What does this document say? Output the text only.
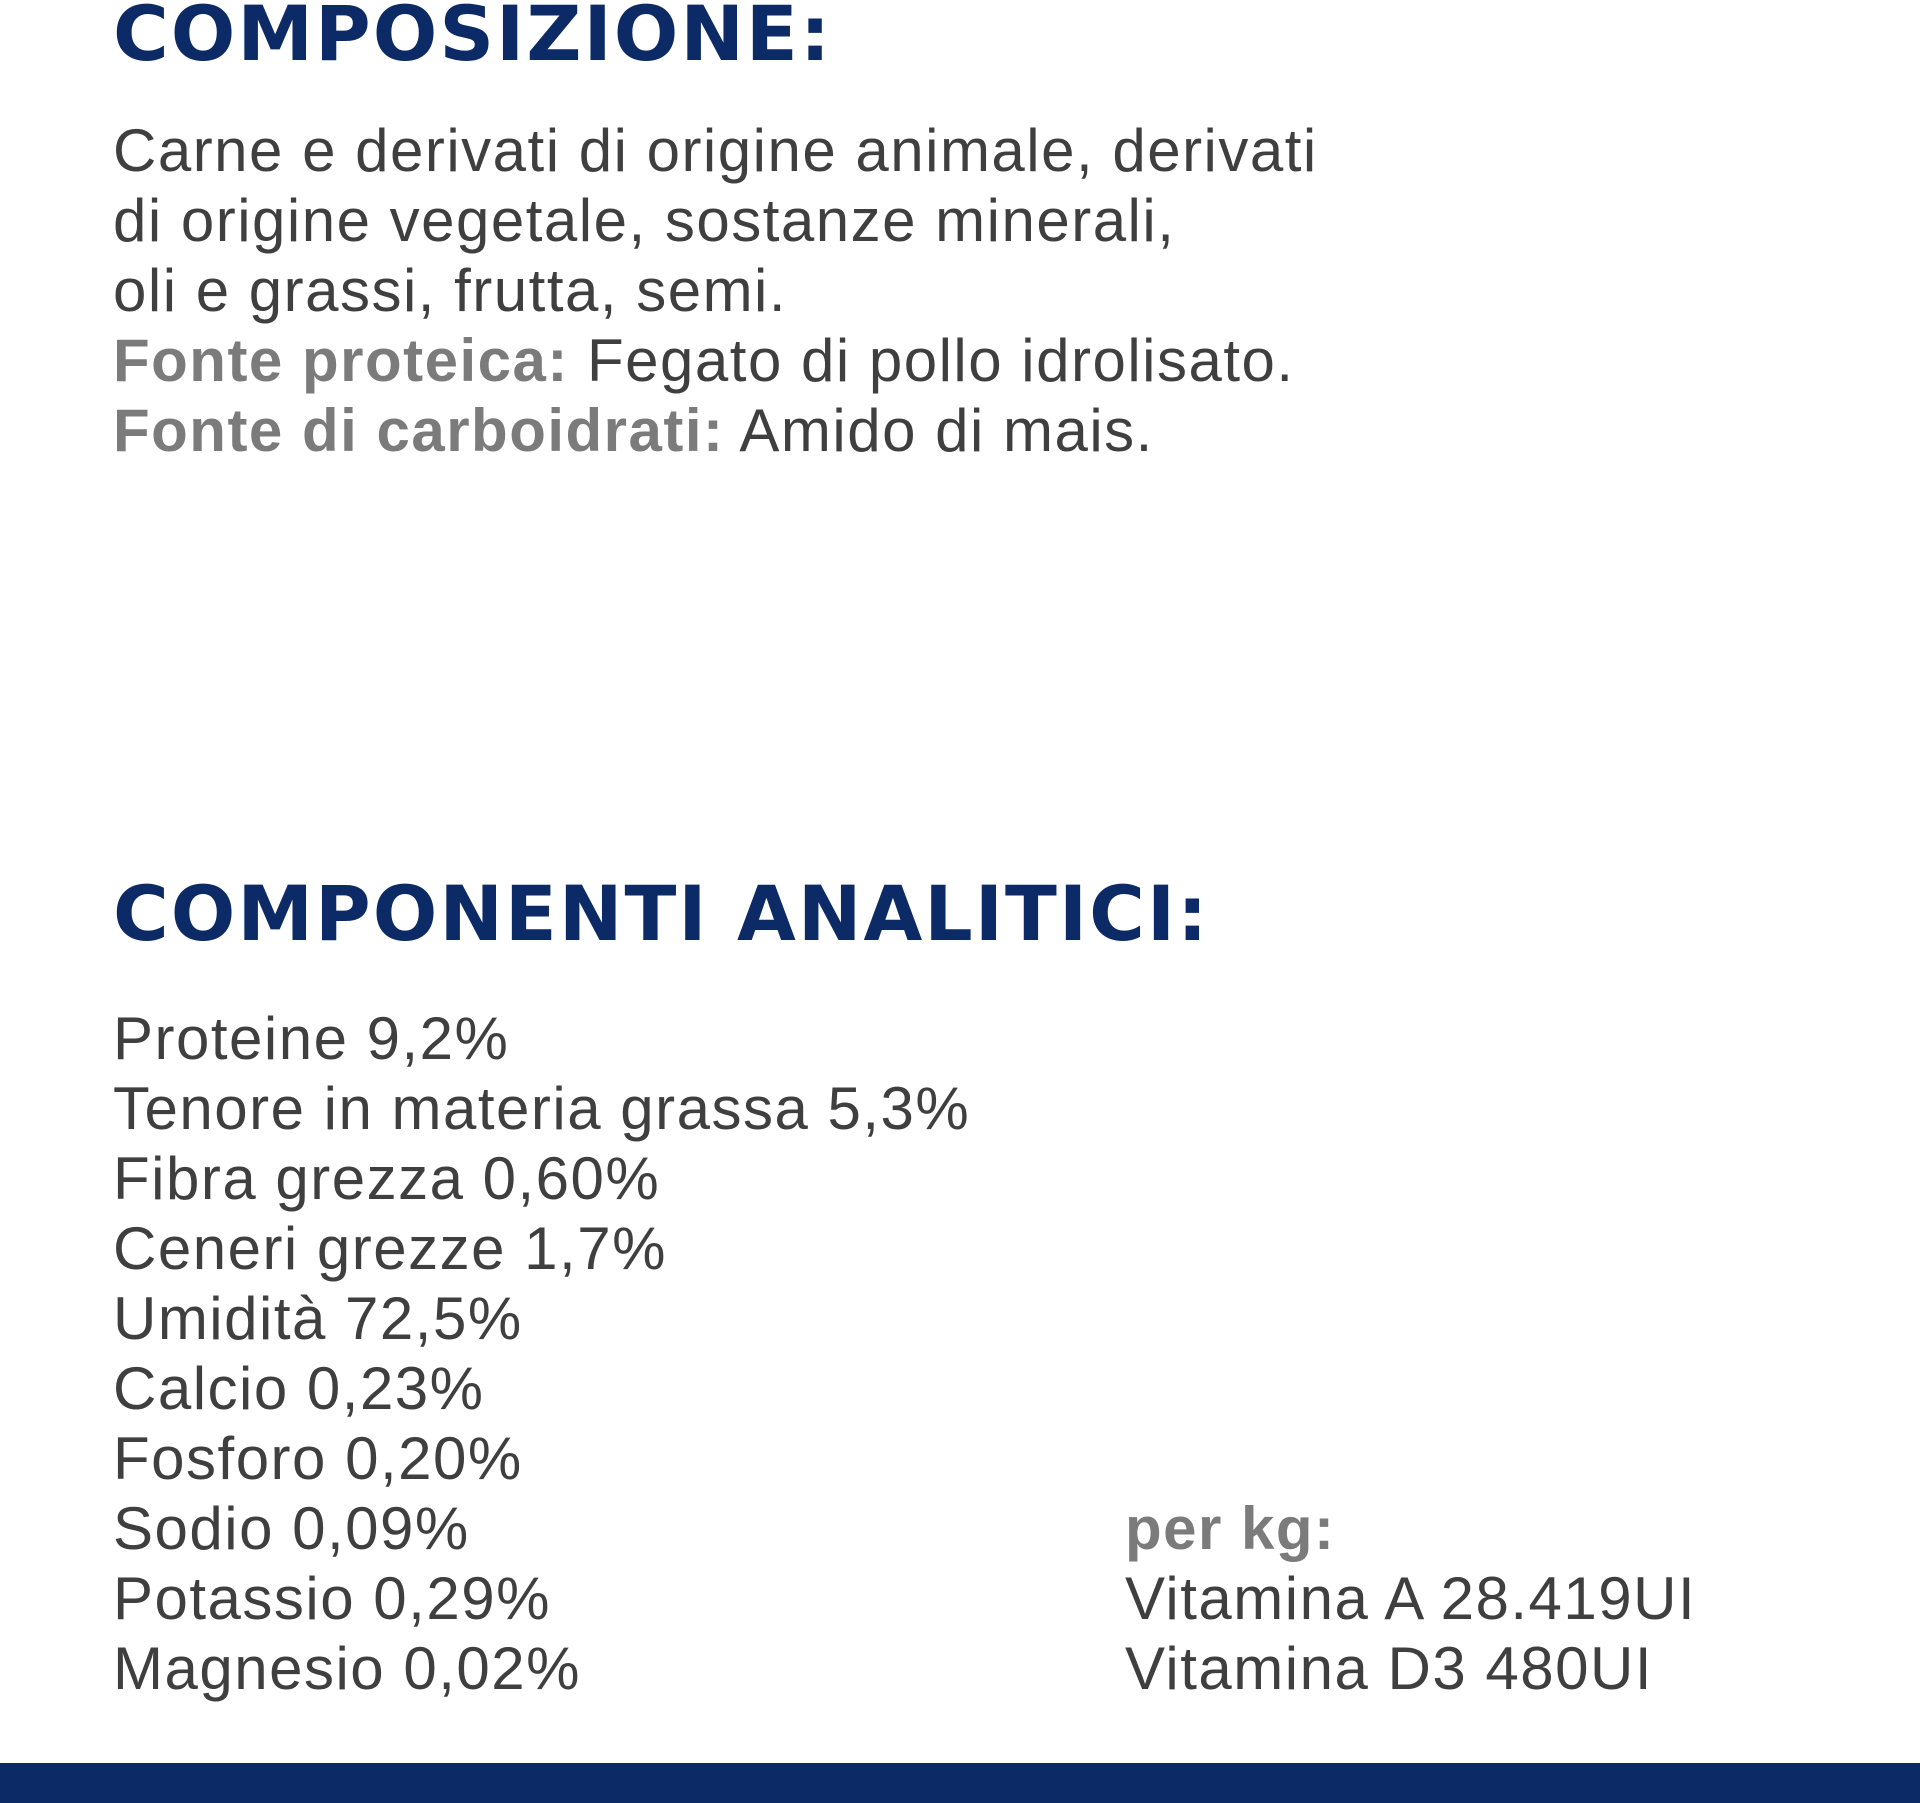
COMPOSIZIONE:
Carne e derivati di origine animale, derivati
di origine vegetale, sostanze minerali,
oli e grassi, frutta, semi.
Fonte proteica: Fegato di pollo idrolisato.
Fonte di carboidrati: Amido di mais.
COMPONENTI ANALITICI:
Proteine 9,2%
Tenore in materia grassa 5,3%
Fibra grezza 0,60%
Ceneri grezze 1,7%
Umidità 72,5%
Calcio 0,23%
Fosforo 0,20%
Sodio 0,09%
Potassio 0,29%
Magnesio 0,02%
per kg:
Vitamina A 28.419UI
Vitamina D3 480UI
